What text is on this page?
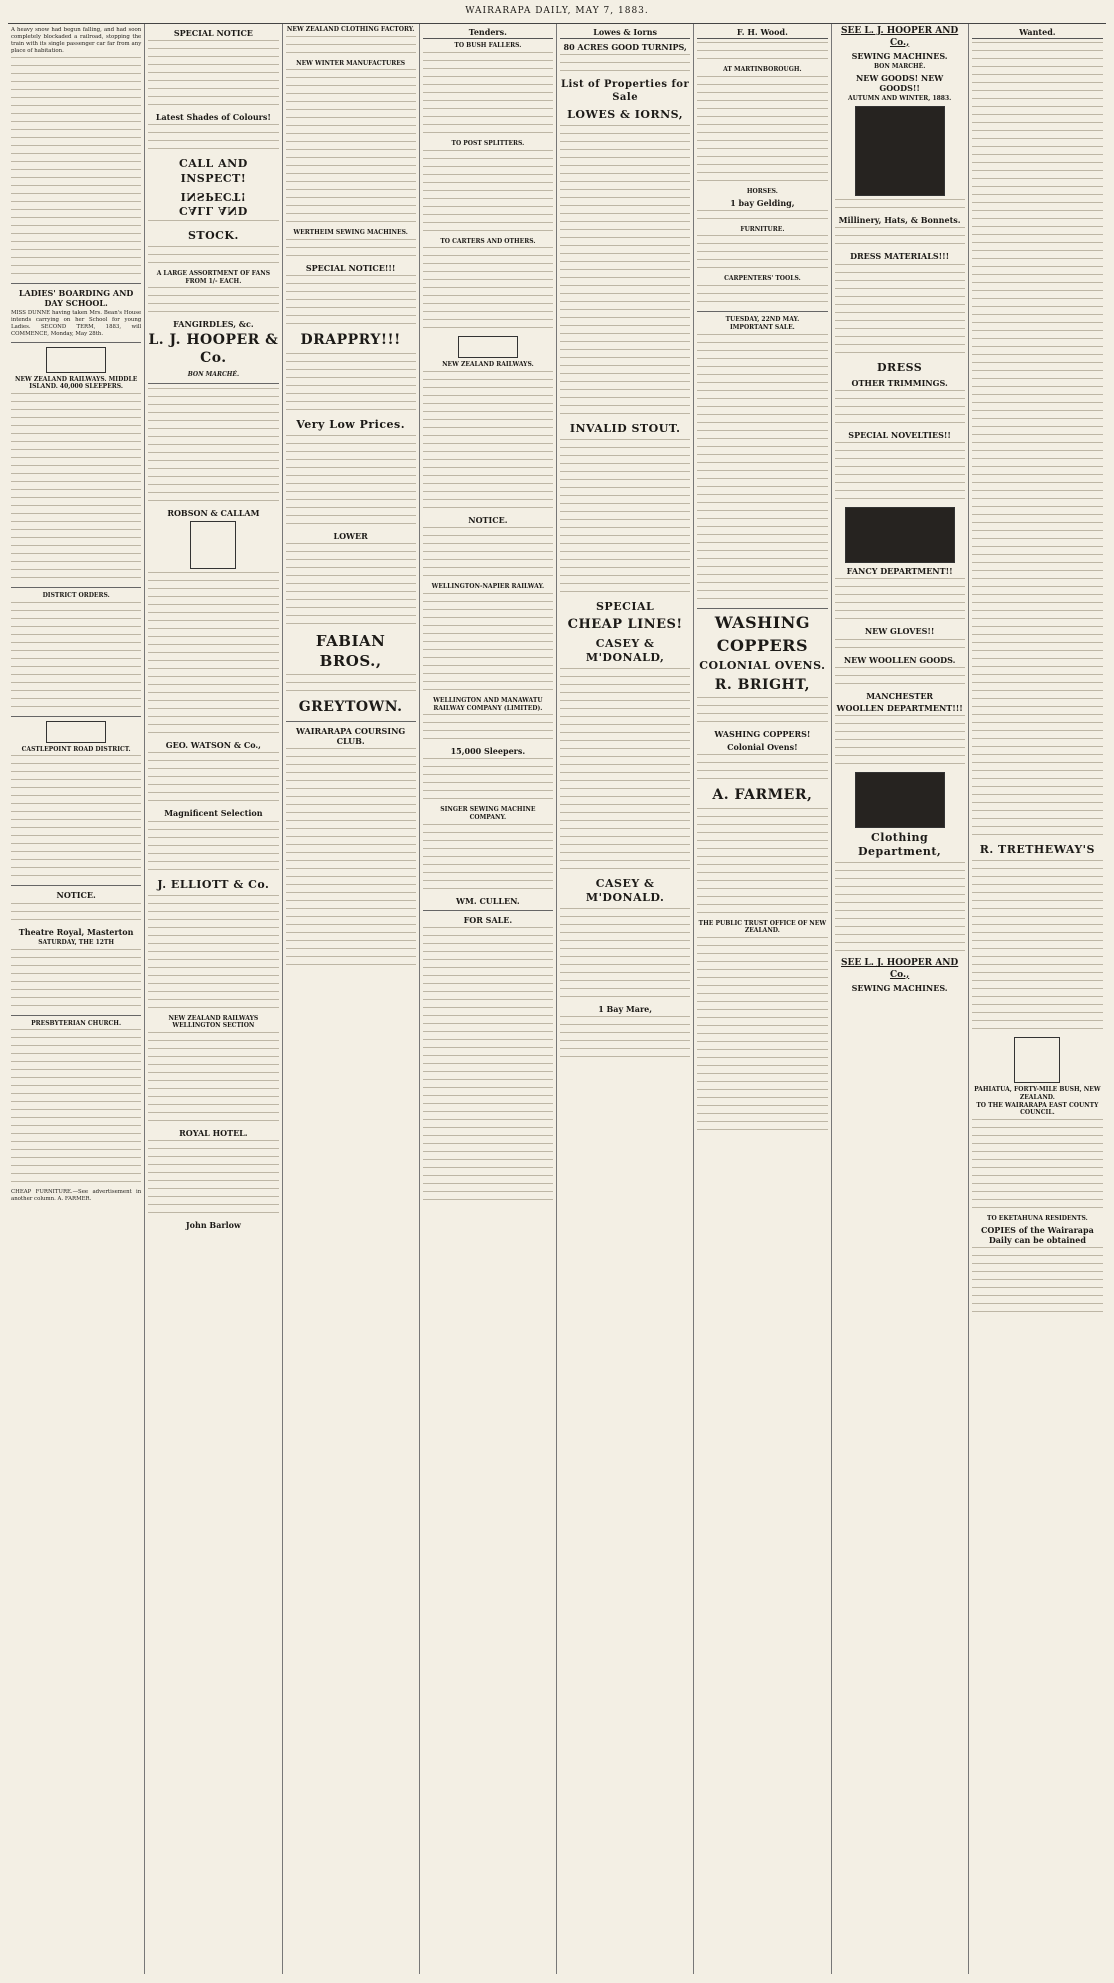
WAIRARAPA DAILY, MAY 7, 1883.

A heavy snow had begun falling, and had soon completely blockaded a railroad, stopping the train with its single passenger car far from any place of habitation.

LADIES' BOARDING AND DAY SCHOOL.

MISS DUNNE having taken Mrs. Bean's House intends carrying on her School for young Ladies. SECOND TERM, 1883, will COMMENCE, Monday, May 28th.

NEW ZEALAND RAILWAYS. MIDDLE ISLAND. 40,000 SLEEPERS.
DISTRICT ORDERS.
CASTLEPOINT ROAD DISTRICT.
NOTICE.
Theatre Royal, Masterton
SATURDAY, THE 12TH
PRESBYTERIAN CHURCH.

CHEAP FURNITURE.—See advertisement in another column. A. FARMER.

SPECIAL NOTICE
Latest Shades of Colours!
CALL AND INSPECT!
CALL AND INSPECT!
STOCK.
A LARGE ASSORTMENT OF FANS FROM 1/- EACH.
FANGIRDLES, &c.
L. J. HOOPER & Co.
BON MARCHÉ.
ROBSON & CALLAM
GEO. WATSON & Co.,
Magnificent Selection
J. ELLIOTT & Co.
NEW ZEALAND RAILWAYS WELLINGTON SECTION
ROYAL HOTEL.
John Barlow
NEW ZEALAND CLOTHING FACTORY.
NEW WINTER MANUFACTURES
WERTHEIM SEWING MACHINES.
SPECIAL NOTICE!!!
DRAPPRY!!!
Very Low Prices.
LOWER
FABIAN BROS.,
GREYTOWN.
WAIRARAPA COURSING CLUB.
Tenders.
TO BUSH FALLERS.
TO POST SPLITTERS.
TO CARTERS AND OTHERS.
NEW ZEALAND RAILWAYS.
NOTICE.
WELLINGTON-NAPIER RAILWAY.
WELLINGTON AND MANAWATU RAILWAY COMPANY (LIMITED).
15,000 Sleepers.
SINGER SEWING MACHINE COMPANY.
WM. CULLEN.
FOR SALE.
Lowes & Iorns
80 ACRES GOOD TURNIPS,
List of Properties for Sale
LOWES & IORNS,
INVALID STOUT.
SPECIAL
CHEAP LINES!
CASEY & M'DONALD,
CASEY & M'DONALD.
1 Bay Mare,
F. H. Wood.
AT MARTINBOROUGH.
HORSES.
1 bay Gelding,
FURNITURE.
CARPENTERS' TOOLS.
TUESDAY, 22ND MAY.
IMPORTANT SALE.
WASHING
COPPERS
COLONIAL OVENS.
R. BRIGHT,
WASHING COPPERS!
Colonial Ovens!
A. FARMER,
THE PUBLIC TRUST OFFICE OF NEW ZEALAND.
SEE L. J. HOOPER AND Co.,
SEWING MACHINES.
BON MARCHÉ.
NEW GOODS! NEW GOODS!!
AUTUMN AND WINTER, 1883.
Millinery, Hats, & Bonnets.
DRESS MATERIALS!!!
DRESS
OTHER TRIMMINGS.
SPECIAL NOVELTIES!!
FANCY DEPARTMENT!!
NEW GLOVES!!
NEW WOOLLEN GOODS.
MANCHESTER
WOOLLEN DEPARTMENT!!!
Clothing Department,
SEE L. J. HOOPER AND Co.,
SEWING MACHINES.
Wanted.
R. TRETHEWAY'S
PAHIATUA, FORTY-MILE BUSH, NEW ZEALAND.
TO THE WAIRARAPA EAST COUNTY COUNCIL.
TO EKETAHUNA RESIDENTS.
COPIES of the Wairarapa Daily can be obtained
